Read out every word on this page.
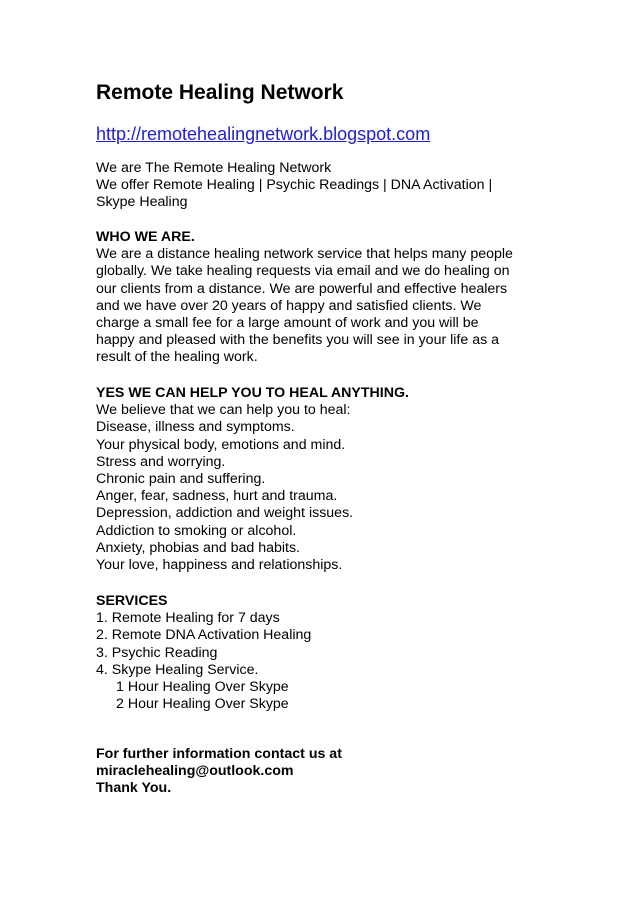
Remote Healing Network
http://remotehealingnetwork.blogspot.com
We are The Remote Healing Network
We offer Remote Healing | Psychic Readings | DNA Activation |
Skype Healing
WHO WE ARE.
We are a distance healing network service that helps many people
globally. We take healing requests via email and we do healing on
our clients from a distance. We are powerful and effective healers
and we have over 20 years of happy and satisfied clients. We
charge a small fee for a large amount of work and you will be
happy and pleased with the benefits you will see in your life as a
result of the healing work.
YES WE CAN HELP YOU TO HEAL ANYTHING.
We believe that we can help you to heal:
Disease, illness and symptoms.
Your physical body, emotions and mind.
Stress and worrying.
Chronic pain and suffering.
Anger, fear, sadness, hurt and trauma.
Depression, addiction and weight issues.
Addiction to smoking or alcohol.
Anxiety, phobias and bad habits.
Your love, happiness and relationships.
SERVICES
1. Remote Healing for 7 days
2. Remote DNA Activation Healing
3. Psychic Reading
4. Skype Healing Service.
1 Hour Healing Over Skype
2 Hour Healing Over Skype
For further information contact us at
miraclehealing@outlook.com
Thank You.
